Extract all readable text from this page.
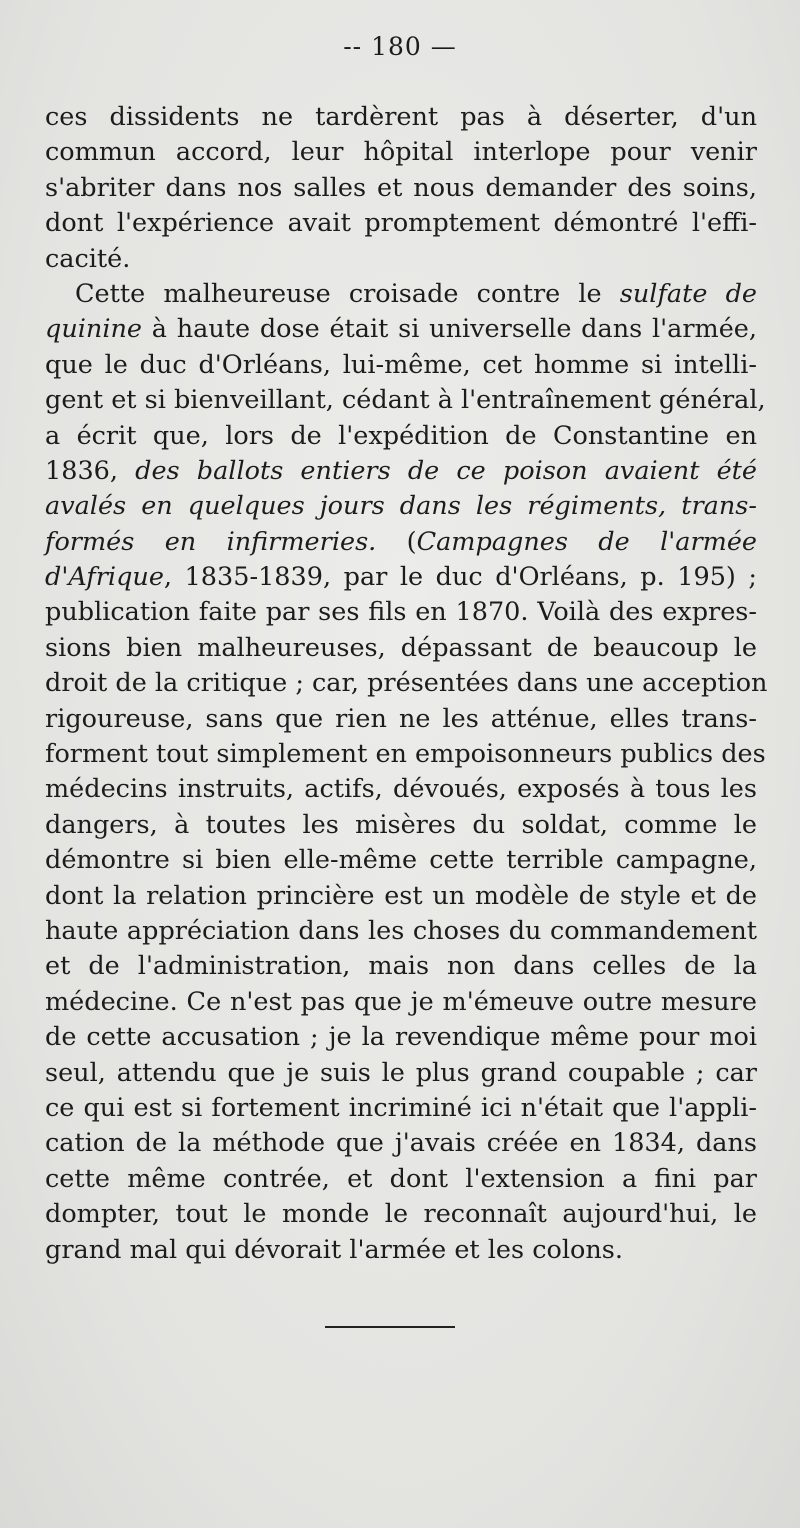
-- 180 —
ces dissidents ne tardèrent pas à déserter, d'un
commun accord, leur hôpital interlope pour venir
s'abriter dans nos salles et nous demander des soins,
dont l'expérience avait promptement démontré l'effi-
cacité.
Cette malheureuse croisade contre le sulfate de
quinine à haute dose était si universelle dans l'armée,
que le duc d'Orléans, lui-même, cet homme si intelli-
gent et si bienveillant, cédant à l'entraînement général,
a écrit que, lors de l'expédition de Constantine en
1836, des ballots entiers de ce poison avaient été
avalés en quelques jours dans les régiments, trans-
formés en infirmeries. (Campagnes de l'armée
d'Afrique, 1835-1839, par le duc d'Orléans, p. 195) ;
publication faite par ses fils en 1870. Voilà des expres-
sions bien malheureuses, dépassant de beaucoup le
droit de la critique ; car, présentées dans une acception
rigoureuse, sans que rien ne les atténue, elles trans-
forment tout simplement en empoisonneurs publics des
médecins instruits, actifs, dévoués, exposés à tous les
dangers, à toutes les misères du soldat, comme le
démontre si bien elle-même cette terrible campagne,
dont la relation princière est un modèle de style et de
haute appréciation dans les choses du commandement
et de l'administration, mais non dans celles de la
médecine. Ce n'est pas que je m'émeuve outre mesure
de cette accusation ; je la revendique même pour moi
seul, attendu que je suis le plus grand coupable ; car
ce qui est si fortement incriminé ici n'était que l'appli-
cation de la méthode que j'avais créée en 1834, dans
cette même contrée, et dont l'extension a fini par
dompter, tout le monde le reconnaît aujourd'hui, le
grand mal qui dévorait l'armée et les colons.
